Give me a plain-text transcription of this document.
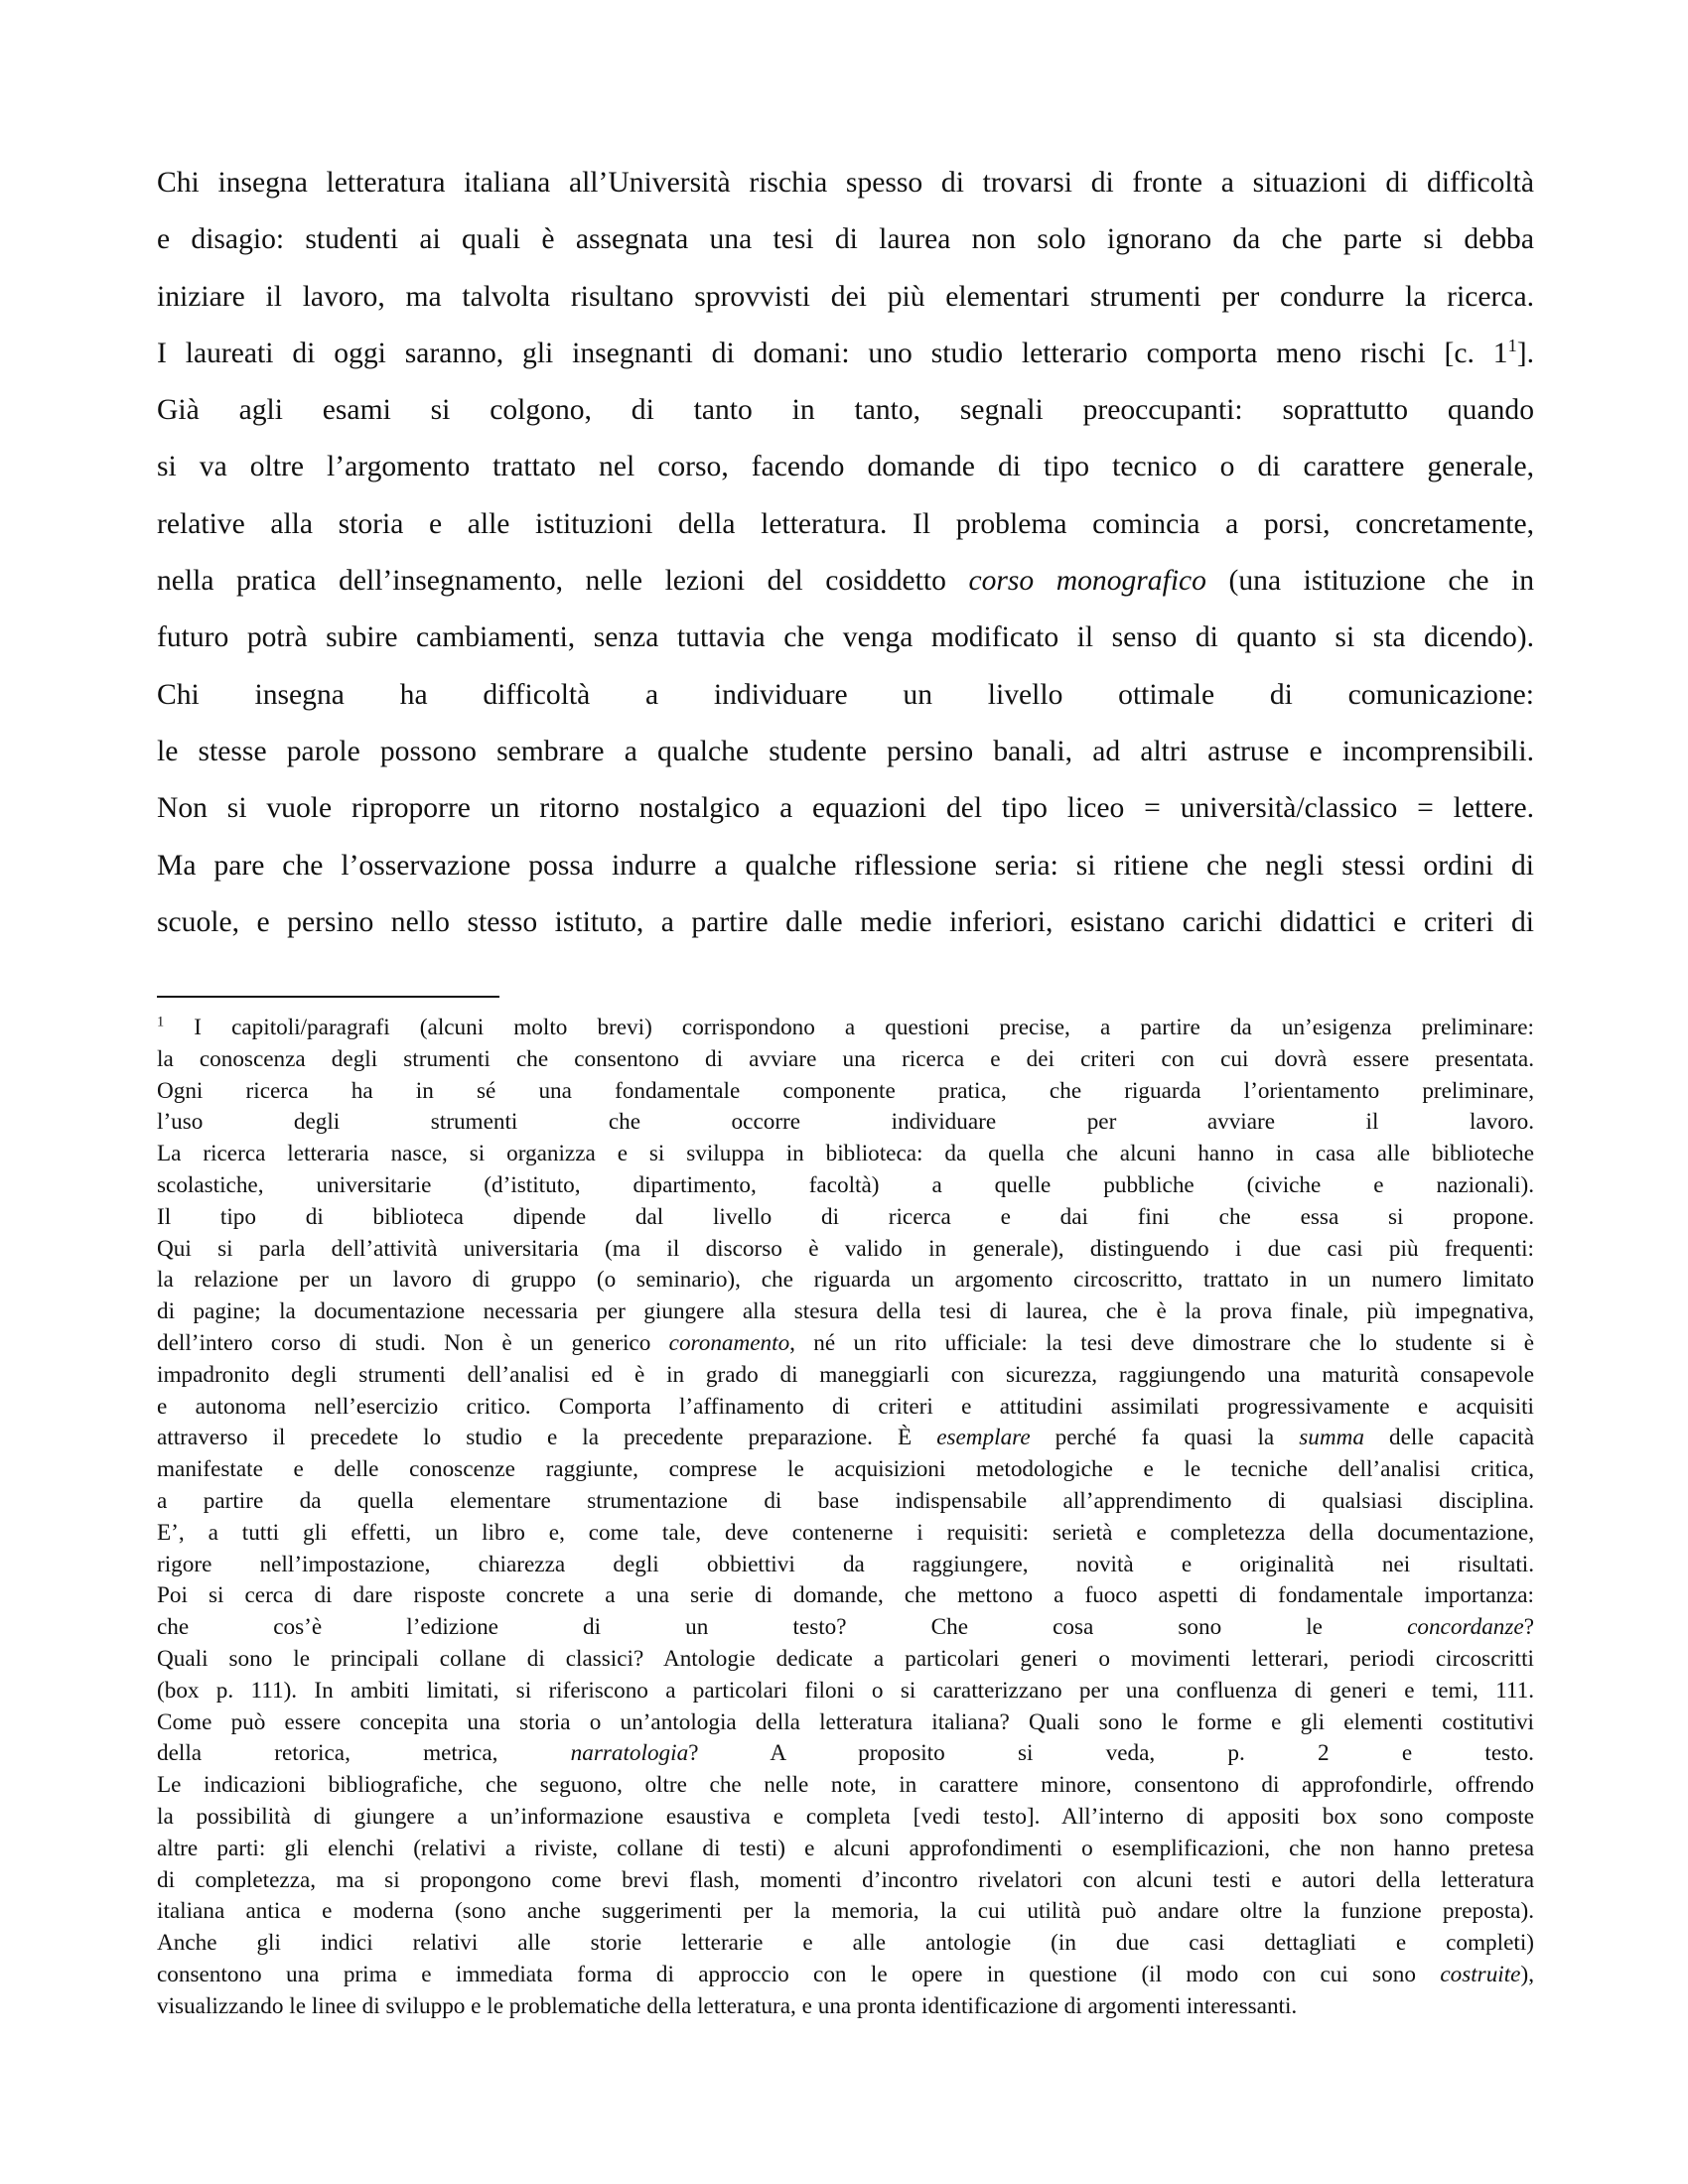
Chi insegna letteratura italiana all’Università rischia spesso di trovarsi di fronte a situazioni di difficoltà
e disagio: studenti ai quali è assegnata una tesi di laurea non solo ignorano da che parte si debba
iniziare il lavoro, ma talvolta risultano sprovvisti dei più elementari strumenti per condurre la ricerca.
I laureati di oggi saranno, gli insegnanti di domani: uno studio letterario comporta meno rischi [c. $1^1$].
Già agli esami si colgono, di tanto in tanto, segnali preoccupanti: soprattutto quando
si va oltre l’argomento trattato nel corso, facendo domande di tipo tecnico o di carattere generale,
relative alla storia e alle istituzioni della letteratura. Il problema comincia a porsi, concretamente,
nella pratica dell’insegnamento, nelle lezioni del cosiddetto corso monografico (una istituzione che in
futuro potrà subire cambiamenti, senza tuttavia che venga modificato il senso di quanto si sta dicendo).
Chi insegna ha difficoltà a individuare un livello ottimale di comunicazione:
le stesse parole possono sembrare a qualche studente persino banali, ad altri astruse e incomprensibili.
Non si vuole riproporre un ritorno nostalgico a equazioni del tipo liceo = università/classico = lettere.
Ma pare che l’osservazione possa indurre a qualche riflessione seria: si ritiene che negli stessi ordini di
scuole, e persino nello stesso istituto, a partire dalle medie inferiori, esistano carichi didattici e criteri di
$^1$ I capitoli/paragrafi (alcuni molto brevi) corrispondono a questioni precise, a partire da un’esigenza preliminare:
la conoscenza degli strumenti che consentono di avviare una ricerca e dei criteri con cui dovrà essere presentata.
Ogni ricerca ha in sé una fondamentale componente pratica, che riguarda l’orientamento preliminare,
l’uso degli strumenti che occorre individuare per avviare il lavoro.
La ricerca letteraria nasce, si organizza e si sviluppa in biblioteca: da quella che alcuni hanno in casa alle biblioteche
scolastiche, universitarie (d’istituto, dipartimento, facoltà) a quelle pubbliche (civiche e nazionali).
Il tipo di biblioteca dipende dal livello di ricerca e dai fini che essa si propone.
Qui si parla dell’attività universitaria (ma il discorso è valido in generale), distinguendo i due casi più frequenti:
la relazione per un lavoro di gruppo (o seminario), che riguarda un argomento circoscritto, trattato in un numero limitato
di pagine; la documentazione necessaria per giungere alla stesura della tesi di laurea, che è la prova finale, più impegnativa,
dell’intero corso di studi. Non è un generico coronamento, né un rito ufficiale: la tesi deve dimostrare che lo studente si è
impadronito degli strumenti dell’analisi ed è in grado di maneggiarli con sicurezza, raggiungendo una maturità consapevole
e autonoma nell’esercizio critico. Comporta l’affinamento di criteri e attitudini assimilati progressivamente e acquisiti
attraverso il precedete lo studio e la precedente preparazione. È esemplare perché fa quasi la summa delle capacità
manifestate e delle conoscenze raggiunte, comprese le acquisizioni metodologiche e le tecniche dell’analisi critica,
a partire da quella elementare strumentazione di base indispensabile all’apprendimento di qualsiasi disciplina.
E’, a tutti gli effetti, un libro e, come tale, deve contenerne i requisiti: serietà e completezza della documentazione,
rigore nell’impostazione, chiarezza degli obbiettivi da raggiungere, novità e originalità nei risultati.
Poi si cerca di dare risposte concrete a una serie di domande, che mettono a fuoco aspetti di fondamentale importanza:
che cos’è l’edizione di un testo? Che cosa sono le concordanze?
Quali sono le principali collane di classici? Antologie dedicate a particolari generi o movimenti letterari, periodi circoscritti
(box p. 111). In ambiti limitati, si riferiscono a particolari filoni o si caratterizzano per una confluenza di generi e temi, 111.
Come può essere concepita una storia o un’antologia della letteratura italiana? Quali sono le forme e gli elementi costitutivi
della retorica, metrica, narratologia? A proposito si veda, p. 2 e testo.
Le indicazioni bibliografiche, che seguono, oltre che nelle note, in carattere minore, consentono di approfondirle, offrendo
la possibilità di giungere a un’informazione esaustiva e completa [vedi testo]. All’interno di appositi box sono composte
altre parti: gli elenchi (relativi a riviste, collane di testi) e alcuni approfondimenti o esemplificazioni, che non hanno pretesa
di completezza, ma si propongono come brevi flash, momenti d’incontro rivelatori con alcuni testi e autori della letteratura
italiana antica e moderna (sono anche suggerimenti per la memoria, la cui utilità può andare oltre la funzione preposta).
Anche gli indici relativi alle storie letterarie e alle antologie (in due casi dettagliati e completi)
consentono una prima e immediata forma di approccio con le opere in questione (il modo con cui sono costruite),
visualizzando le linee di sviluppo e le problematiche della letteratura, e una pronta identificazione di argomenti interessanti.
